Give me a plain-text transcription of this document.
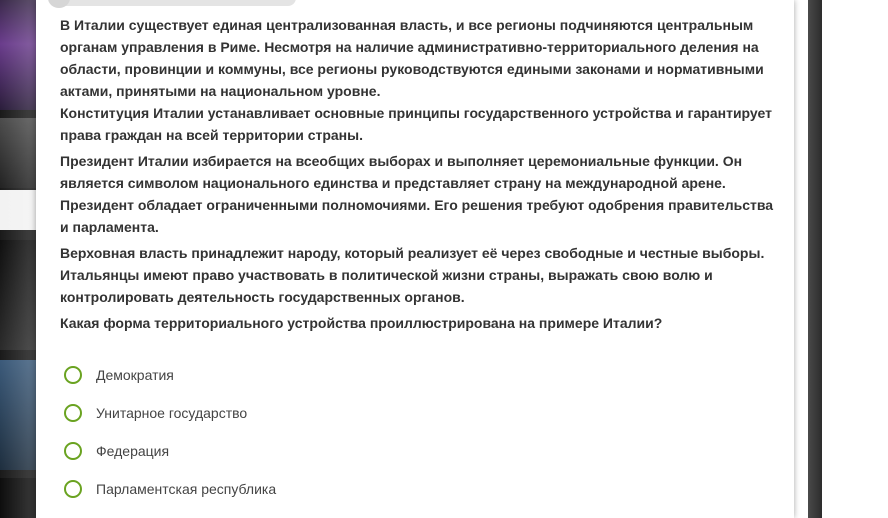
В Италии существует единая централизованная власть, и все регионы подчиняются центральным органам управления в Риме. Несмотря на наличие административно-территориального деления на области, провинции и коммуны, все регионы руководствуются едиными законами и нормативными актами, принятыми на национальном уровне.

Конституция Италии устанавливает основные принципы государственного устройства и гарантирует права граждан на всей территории страны.

Президент Италии избирается на всеобщих выборах и выполняет церемониальные функции. Он является символом национального единства и представляет страну на международной арене. Президент обладает ограниченными полномочиями. Его решения требуют одобрения правительства и парламента.

Верховная власть принадлежит народу, который реализует её через свободные и честные выборы. Итальянцы имеют право участвовать в политической жизни страны, выражать свою волю и контролировать деятельность государственных органов.

Какая форма территориального устройства проиллюстрирована на примере Италии?

Демократия
Унитарное государство
Федерация
Парламентская республика
